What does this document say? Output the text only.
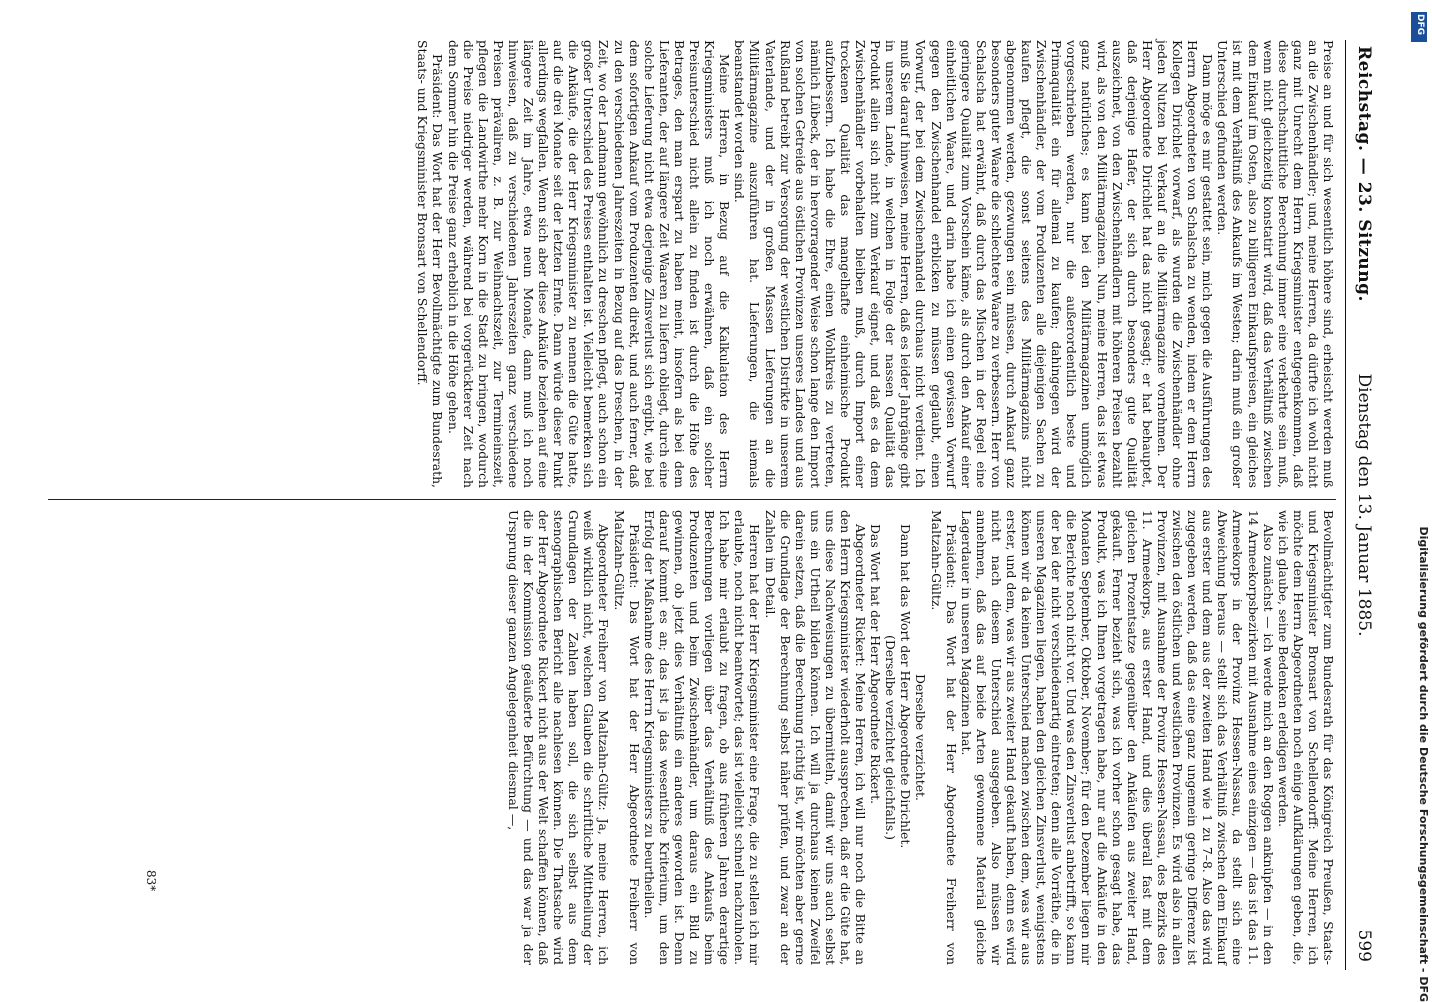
Reichstag. — 23. Sitzung.
Dienstag den 13. Januar 1885.
599

Preise an und für sich wesentlich höhere sind, erheischt werden muß an die Zwischenhändler; und, meine Herren, da dürfte ich wohl nicht ganz mit Unrecht dem Herrn Kriegsminister entgegenkommen, daß diese durchschnittliche Berechnung immer eine verkehrte sein muß, wenn nicht gleichzeitig konstatirt wird, daß das Verhältniß zwischen dem Einkauf im Osten, also zu billigeren Einkaufspreisen, ein gleiches ist mit dem Verhältniß des Ankaufs im Westen; darin muß ein großer Unterschied gefunden werden.

Dann möge es mir gestattet sein, mich gegen die Ausführungen des Herrn Abgeordneten von Schalscha zu wenden, indem er dem Herrn Kollegen Dirichlet vorwarf, als wurden die Zwischenhändler ohne jeden Nutzen bei Verkauf an die Militärmagazine vornehmen. Der Herr Abgeordnete Dirichlet hat das nicht gesagt; er hat behauptet, daß derjenige Hafer, der sich durch besonders gute Qualität auszeichnet, von den Zwischenhändlern mit höheren Preisen bezahlt wird, als von den Militärmagazinen. Nun, meine Herren, das ist etwas ganz natürliches; es kann bei den Militärmagazinen unmöglich vorgeschrieben werden, nur die außerordentlich beste und Primaqualität ein für allemal zu kaufen; dahingegen wird der Zwischenhändler, der vom Produzenten alle diejenigen Sachen zu kaufen pflegt, die sonst seitens des Militärmagazins nicht abgenommen werden, gezwungen sein müssen, durch Ankauf ganz besonders guter Waare die schlechtere Waare zu verbessern. Herr von Schalscha hat erwähnt, daß durch das Mischen in der Regel eine geringere Qualität zum Vorschein käme, als durch den Ankauf einer einheitlichen Waare, und darin habe ich einen gewissen Vorwurf gegen den Zwischenhandel erblicken zu müssen geglaubt, einen Vorwurf, der bei dem Zwischenhandel durchaus nicht verdient. Ich muß Sie darauf hinweisen, meine Herren, daß es leider Jahrgänge gibt in unserem Lande, in welchen in Folge der nassen Qualität das Produkt allein sich nicht zum Verkauf eignet, und daß es da dem Zwischenhändler vorbehalten bleiben muß, durch Import einer trockenen Qualität das mangelhafte einheimische Produkt aufzubessern. Ich habe die Ehre, einen Wohlkreis zu vertreten, nämlich Lübeck, der in hervorragender Weise schon lange den Import von solchen Getreide aus östlichen Provinzen unseres Landes und aus Rußland betreibt zur Versorgung der westlichen Distrikte in unserem Vaterlande, und der in großen Massen Lieferungen an die Militärmagazine auszuführen hat. Lieferungen, die niemals beanstandet worden sind.

Meine Herren, in Bezug auf die Kalkulation des Herrn Kriegsministers muß ich noch erwähnen, daß ein solcher Preisunterschied nicht allein zu finden ist durch die Höhe des Betrages, den man erspart zu haben meint, insofern als bei dem Lieferanten, der auf längere Zeit Waaren zu liefern obliegt, durch eine solche Lieferung nicht etwa derjenige Zinsverlust sich ergibt, wie bei dem sofortigen Ankauf vom Produzenten direkt, und auch ferner, daß zu den verschiedenen Jahreszeiten in Bezug auf das Dreschen, in der Zeit, wo der Landmann gewöhnlich zu dreschen pflegt, auch schon ein großer Unterschied des Preises enthalten ist. Vielleicht bemerken sich die Ankäufe, die der Herr Kriegsminister zu nennen die Güte hatte, auf die drei Monate seit der letzten Ernte. Dann würde dieser Punkt allerdings wegfallen. Wenn sich aber diese Ankäufe beziehen auf eine längere Zeit im Jahre, etwa neun Monate, dann muß ich noch hinweisen, daß zu verschiedenen Jahreszeiten ganz verschiedene Preisen prävaliren, z. B. zur Weihnachtszeit, zur Termineinszeit, pflegen die Landwirthe mehr Korn in die Stadt zu bringen, wodurch die Preise niedriger werden, während bei vorgerückterer Zeit nach dem Sommer hin die Preise ganz erheblich in die Höhe gehen.

Präsident: Das Wort hat der Herr Bevollmächtigte zum Bundesrath, Staats- und Kriegsminister Bronsart von Schellendorff.

Bevollmächtigter zum Bundesrath für das Königreich Preußen, Staats- und Kriegsminister Bronsart von Schellendorff: Meine Herren, ich möchte dem Herrn Abgeordneten noch einige Aufklärungen geben, die, wie ich glaube, seine Bedenken erledigen werden.

Also zunächst — ich werde mich an den Roggen anknüpfen — in den 14 Armeekorpsbezirken mit Ausnahme eines einzigen — das ist das 11. Armeekorps in der Provinz Hessen-Nassau, da stellt sich eine Abweichung heraus — stellt sich das Verhältniß zwischen dem Einkauf aus erster und dem aus der zweiten Hand wie 1 zu 7–8. Also das wird zugegeben werden, daß das eine ganz ungemein geringe Differenz ist zwischen den östlichen und westlichen Provinzen. Es wird also in allen Provinzen, mit Ausnahme der Provinz Hessen-Nassau, des Bezirks des 11. Armeekorps, aus erster Hand, und dies überall fast mit dem gleichen Prozentsatze gegenüber den Ankäufen aus zweiter Hand, gekauft. Ferner bezieht sich, was ich vorher schon gesagt habe, das Produkt, was ich Ihnen vorgetragen habe, nur auf die Ankäufe in den Monaten September, Oktober, November; für den Dezember liegen mir die Berichte noch nicht vor. Und was den Zinsverlust anbetrifft, so kann der bei der nicht verschiedenartig eintreten; denn alle Vorräthe, die in unseren Magazinen liegen, haben den gleichen Zinsverlust, wenigstens können wir da keinen Unterschied machen zwischen dem, was wir aus erster, und dem, was wir aus zweiter Hand gekauft haben, denn es wird nicht nach diesem Unterschied ausgegeben. Also müssen wir annehmen, daß das auf beide Arten gewonnene Material gleiche Lagerdauer in unseren Magazinen hat.

Präsident: Das Wort hat der Herr Abgeordnete Freiherr von Maltzahn-Gültz.

Derselbe verzichtet.

Dann hat das Wort der Herr Abgeordnete Dirichlet.

(Derselbe verzichtet gleichfalls.)

Das Wort hat der Herr Abgeordnete Rickert.

Abgeordneter Rickert: Meine Herren, ich will nur noch die Bitte an den Herrn Kriegsminister wiederholt aussprechen, daß er die Güte hat, uns diese Nachweisungen zu übermitteln, damit wir uns auch selbst uns ein Urtheil bilden können. Ich will ja durchaus keinen Zweifel darein setzen, daß die Berechnung richtig ist, wir möchten aber gerne die Grundlage der Berechnung selbst näher prüfen, und zwar an der Zahlen im Detail.

Herren hat der Herr Kriegsminister eine Frage, die zu stellen ich mir erlaubte, noch nicht beantwortet; das ist vielleicht schnell nachzuholen. Ich habe mir erlaubt zu fragen, ob aus früheren Jahren derartige Berechnungen vorliegen über das Verhältniß des Ankaufs beim Produzenten und beim Zwischenhändler, um daraus ein Bild zu gewinnen, ob jetzt dies Verhältniß ein anderes geworden ist. Denn darauf kommt es an; das ist ja das wesentliche Kriterium, um den Erfolg der Maßnahme des Herrn Kriegsministers zu beurtheilen.

Präsident: Das Wort hat der Herr Abgeordnete Freiherr von Maltzahn-Gültz.

Abgeordneter Freiherr von Maltzahn-Gültz: Ja, meine Herren, ich weiß wirklich nicht, welchen Glauben die schriftliche Mittheilung der Grundlagen der Zahlen haben soll, die sich selbst aus dem stenographischen Bericht alle nachlesen können. Die Thatsache wird der Herr Abgeordnete Rickert nicht aus der Welt schaffen können, daß die in der Kommission geäußerte Befürchtung — und das war ja der Ursprung dieser ganzen Angelegenheit diesmal —,

83*
DFG
Digitalisierung gefördert durch die Deutsche Forschungsgemeinschaft - DFG
